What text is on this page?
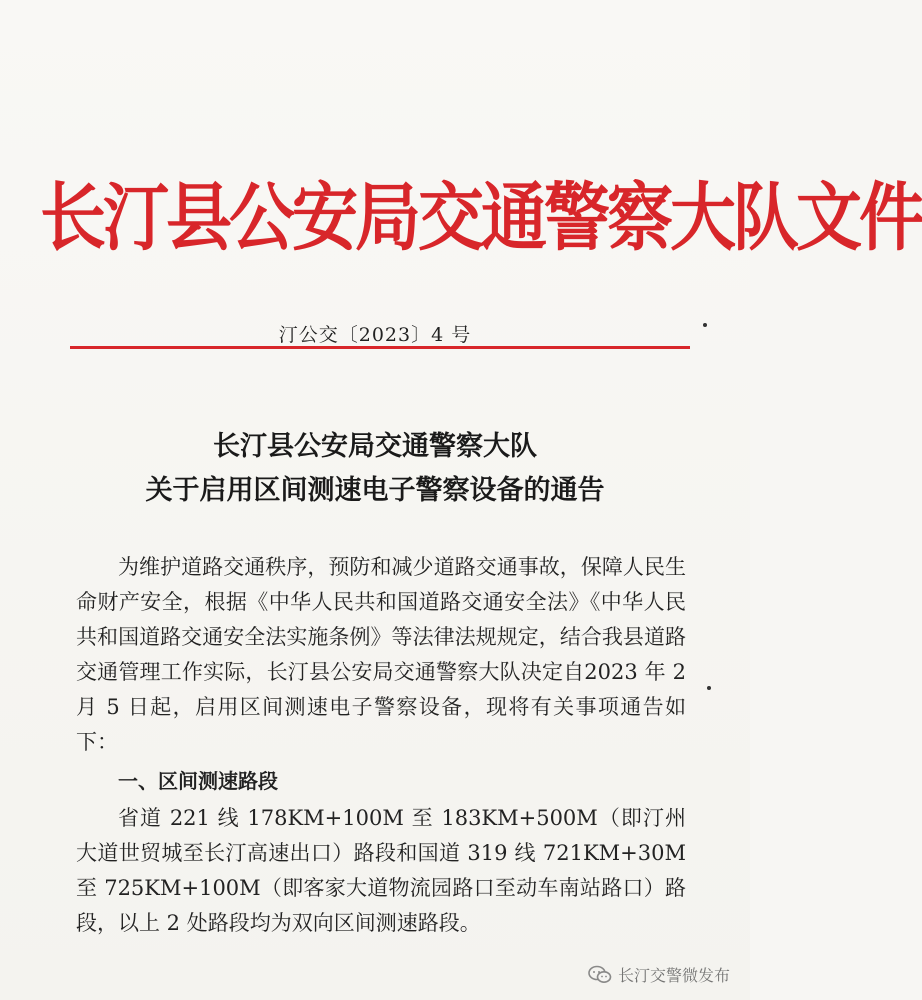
长汀县公安局交通警察大队文件
汀公交〔2023〕4 号
长汀县公安局交通警察大队
关于启用区间测速电子警察设备的通告

为维护道路交通秩序，预防和减少道路交通事故，保障人民生命财产安全，根据《中华人民共和国道路交通安全法》《中华人民共和国道路交通安全法实施条例》等法律法规规定，结合我县道路交通管理工作实际，长汀县公安局交通警察大队决定自2023 年 2 月 5 日起，启用区间测速电子警察设备，现将有关事项通告如下：

一、区间测速路段

省道 221 线 178KM+100M 至 183KM+500M（即汀州大道世贸城至长汀高速出口）路段和国道 319 线 721KM+30M 至 725KM+100M（即客家大道物流园路口至动车南站路口）路段，以上 2 处路段均为双向区间测速路段。

长汀交警微发布
